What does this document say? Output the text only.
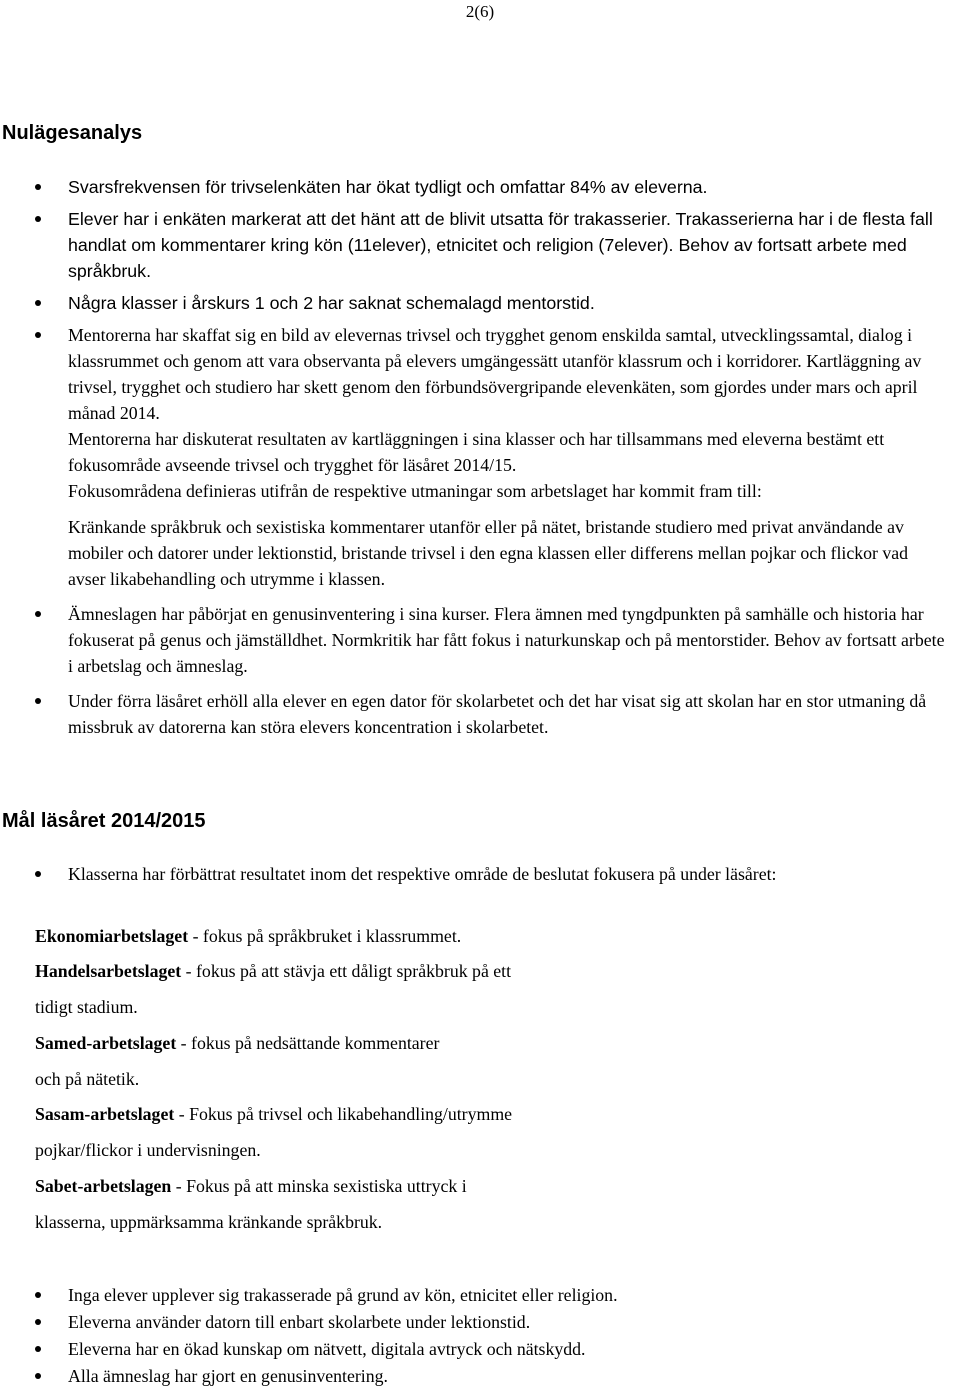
2(6)
Nulägesanalys
Svarsfrekvensen för trivselenkäten har ökat tydligt och omfattar 84% av eleverna.
Elever har i enkäten markerat att det hänt att de blivit utsatta för trakasserier. Trakasserierna har i de flesta fall handlat om kommentarer kring kön (11elever), etnicitet och religion (7elever). Behov av fortsatt arbete med språkbruk.
Några klasser i årskurs 1 och 2 har saknat schemalagd mentorstid.
Mentorerna har skaffat sig en bild av elevernas trivsel och trygghet genom enskilda samtal, utvecklingssamtal, dialog i klassrummet och genom att vara observanta på elevers umgängessätt utanför klassrum och i korridorer. Kartläggning av trivsel, trygghet och studiero har skett genom den förbundsövergripande elevenkäten, som gjordes under mars och april månad 2014.
Mentorerna har diskuterat resultaten av kartläggningen i sina klasser och har tillsammans med eleverna bestämt ett fokusområde avseende trivsel och trygghet för läsåret 2014/15.
Fokusområdena definieras utifrån de respektive utmaningar som arbetslaget har kommit fram till:
Kränkande språkbruk och sexistiska kommentarer utanför eller på nätet, bristande studiero med privat användande av mobiler och datorer under lektionstid, bristande trivsel i den egna klassen eller differens mellan pojkar och flickor vad avser likabehandling och utrymme i klassen.
Ämneslagen har påbörjat en genusinventering i sina kurser. Flera ämnen med tyngdpunkten på samhälle och historia har fokuserat på genus och jämställdhet. Normkritik har fått fokus i naturkunskap och på mentorstider. Behov av fortsatt arbete i arbetslag och ämneslag.
Under förra läsåret erhöll alla elever en egen dator för skolarbetet och det har visat sig att skolan har en stor utmaning då missbruk av datorerna kan störa elevers koncentration i skolarbetet.
Mål läsåret 2014/2015
Klasserna har förbättrat resultatet inom det respektive område de beslutat fokusera på under läsåret:
Ekonomiarbetslaget - fokus på språkbruket i klassrummet.
Handelsarbetslaget - fokus på att stävja ett dåligt språkbruk på ett
tidigt stadium.
Samed-arbetslaget - fokus på nedsättande kommentarer
och på nätetik.
Sasam-arbetslaget - Fokus på trivsel och likabehandling/utrymme
pojkar/flickor i undervisningen.
Sabet-arbetslagen - Fokus på att minska sexistiska uttryck i
klasserna, uppmärksamma kränkande språkbruk.
Inga elever upplever sig trakasserade på grund av kön, etnicitet eller religion.
Eleverna använder datorn till enbart skolarbete under lektionstid.
Eleverna har en ökad kunskap om nätvett, digitala avtryck och nätskydd.
Alla ämneslag har gjort en genusinventering.
